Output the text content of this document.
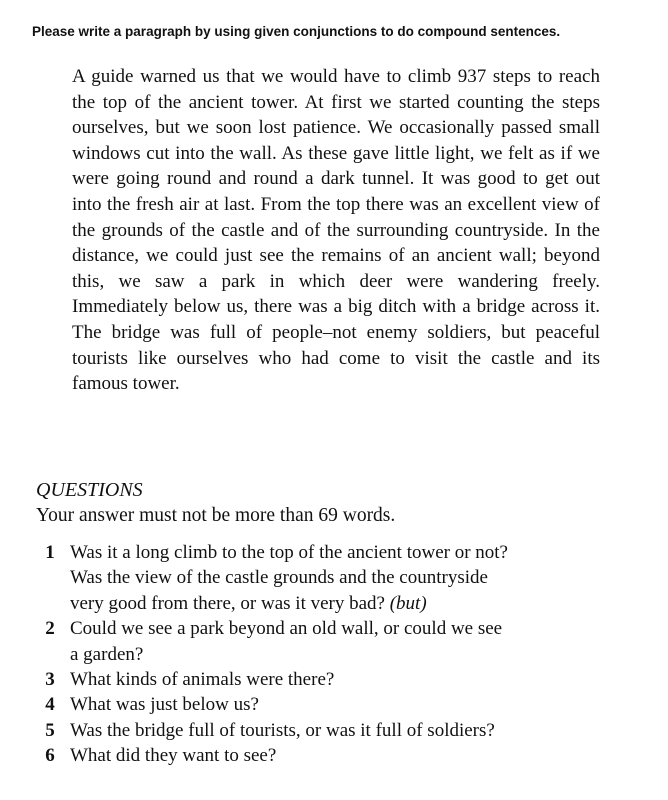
Please write a paragraph by using given conjunctions to do compound sentences.
A guide warned us that we would have to climb 937 steps to reach the top of the ancient tower. At first we started counting the steps ourselves, but we soon lost patience. We occasionally passed small windows cut into the wall. As these gave little light, we felt as if we were going round and round a dark tunnel. It was good to get out into the fresh air at last. From the top there was an excellent view of the grounds of the castle and of the surrounding countryside. In the distance, we could just see the remains of an ancient wall; beyond this, we saw a park in which deer were wandering freely. Immediately below us, there was a big ditch with a bridge across it. The bridge was full of people–not enemy soldiers, but peaceful tourists like ourselves who had come to visit the castle and its famous tower.
QUESTIONS
Your answer must not be more than 69 words.
1 Was it a long climb to the top of the ancient tower or not?
Was the view of the castle grounds and the countryside
very good from there, or was it very bad? (but)
2 Could we see a park beyond an old wall, or could we see
a garden?
3 What kinds of animals were there?
4 What was just below us?
5 Was the bridge full of tourists, or was it full of soldiers?
6 What did they want to see?
